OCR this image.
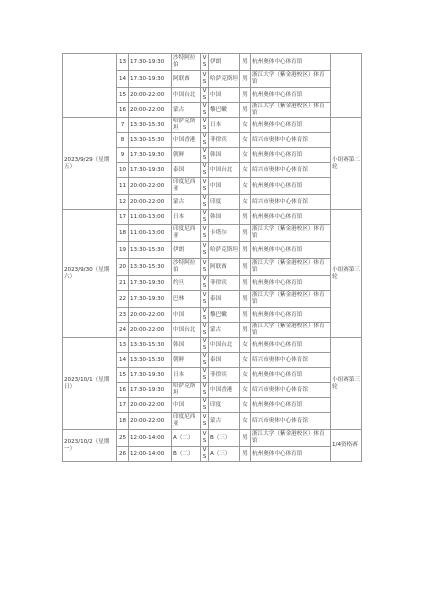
	13	17:30-19:30	沙特阿拉伯	VS	伊朗	男	杭州奥体中心体育馆	
	14	17:30-19:30	阿联酋	VS	哈萨克斯坦	男	浙江大学（紫金港校区）体育馆	
	15	20:00-22:00	中国台北	VS	中国	男	杭州奥体中心体育馆	
	16	20:00-22:00	蒙古	VS	黎巴嫩	男	浙江大学（紫金港校区）体育馆	
2023/9/29（星期五）	7	13:30-15:30	哈萨克斯坦	VS	日本	女	杭州奥体中心体育馆	小组赛第二轮
	8	13:30-15:30	中国香港	VS	菲律宾	女	绍兴市奥体中心体育馆	
	9	17:30-19:30	朝鲜	VS	韩国	女	杭州奥体中心体育馆	
	10	17:30-19:30	泰国	VS	中国台北	女	绍兴市奥体中心体育馆	
	11	20:00-22:00	印度尼西亚	VS	中国	女	杭州奥体中心体育馆	
	12	20:00-22:00	蒙古	VS	印度	女	绍兴市奥体中心体育馆	
2023/9/30（星期六）	17	11:00-13:00	日本	VS	韩国	男	杭州奥体中心体育馆	小组赛第三轮
	18	11:00-13:00	印度尼西亚	VS	卡塔尔	男	浙江大学（紫金港校区）体育馆	
	19	13:30-15:30	伊朗	VS	哈萨克斯坦	男	杭州奥体中心体育馆	
	20	13:30-15:30	沙特阿拉伯	VS	阿联酋	男	浙江大学（紫金港校区）体育馆	
	21	17:30-19:30	约旦	VS	菲律宾	男	杭州奥体中心体育馆	
	22	17:30-19:30	巴林	VS	泰国	男	浙江大学（紫金港校区）体育馆	
	23	20:00-22:00	中国	VS	黎巴嫩	男	杭州奥体中心体育馆	
	24	20:00-22:00	中国台北	VS	蒙古	男	浙江大学（紫金港校区）体育馆	
2023/10/1（星期日）	13	13:30-15:30	韩国	VS	中国台北	女	杭州奥体中心体育馆	小组赛第三轮
	14	13:30-15:30	朝鲜	VS	泰国	女	绍兴市奥体中心体育馆	
	15	17:30-19:30	日本	VS	菲律宾	女	杭州奥体中心体育馆	
	16	17:30-19:30	哈萨克斯坦	VS	中国香港	女	绍兴市奥体中心体育馆	
	17	20:00-22:00	中国	VS	印度	女	杭州奥体中心体育馆	
	18	20:00-22:00	印度尼西亚	VS	蒙古	女	绍兴市奥体中心体育馆	
2023/10/2（星期一）	25	12:00-14:00	A（二）	VS	B（三）	男	浙江大学（紫金港校区）体育馆	1/4资格赛
	26	12:00-14:00	B（二）	VS	A（三）	男	杭州奥体中心体育馆	
